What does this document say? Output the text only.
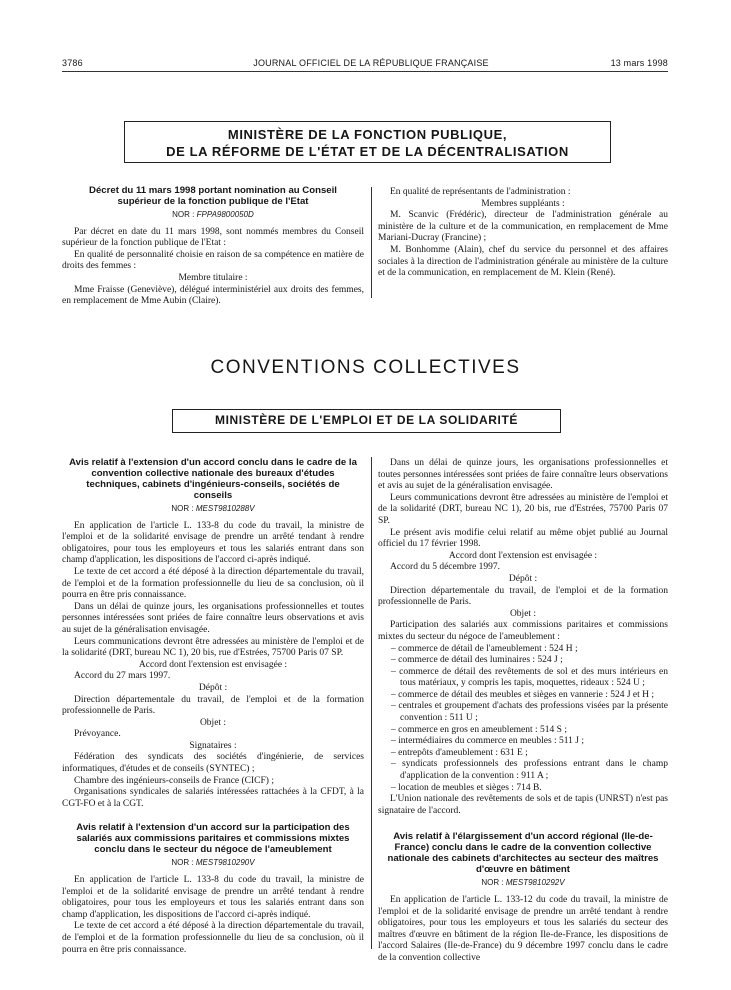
3786	JOURNAL OFFICIEL DE LA RÉPUBLIQUE FRANÇAISE	13 mars 1998
MINISTÈRE DE LA FONCTION PUBLIQUE,
DE LA RÉFORME DE L'ÉTAT ET DE LA DÉCENTRALISATION
Décret du 11 mars 1998 portant nomination au Conseil supérieur de la fonction publique de l'Etat
NOR : FPPA9800050D

Par décret en date du 11 mars 1998, sont nommés membres du Conseil supérieur de la fonction publique de l'Etat :

En qualité de personnalité choisie en raison de sa compétence en matière de droits des femmes :

Membre titulaire :

Mme Fraisse (Geneviève), délégué interministériel aux droits des femmes, en remplacement de Mme Aubin (Claire).

En qualité de représentants de l'administration :

Membres suppléants :

M. Scanvic (Frédéric), directeur de l'administration générale au ministère de la culture et de la communication, en remplacement de Mme Mariani-Ducray (Francine) ;

M. Bonhomme (Alain), chef du service du personnel et des affaires sociales à la direction de l'administration générale au ministère de la culture et de la communication, en remplacement de M. Klein (René).

CONVENTIONS COLLECTIVES
MINISTÈRE DE L'EMPLOI ET DE LA SOLIDARITÉ
Avis relatif à l'extension d'un accord conclu dans le cadre de la convention collective nationale des bureaux d'études techniques, cabinets d'ingénieurs-conseils, sociétés de conseils
NOR : MEST9810288V

En application de l'article L. 133-8 du code du travail, la ministre de l'emploi et de la solidarité envisage de prendre un arrêté tendant à rendre obligatoires, pour tous les employeurs et tous les salariés entrant dans son champ d'application, les dispositions de l'accord ci-après indiqué.

Le texte de cet accord a été déposé à la direction départementale du travail, de l'emploi et de la formation professionnelle du lieu de sa conclusion, où il pourra en être pris connaissance.

Dans un délai de quinze jours, les organisations professionnelles et toutes personnes intéressées sont priées de faire connaître leurs observations et avis au sujet de la généralisation envisagée.

Leurs communications devront être adressées au ministère de l'emploi et de la solidarité (DRT, bureau NC 1), 20 bis, rue d'Estrées, 75700 Paris 07 SP.

Accord dont l'extension est envisagée :

Accord du 27 mars 1997.

Dépôt :

Direction départementale du travail, de l'emploi et de la formation professionnelle de Paris.

Objet :

Prévoyance.

Signataires :

Fédération des syndicats des sociétés d'ingénierie, de services informatiques, d'études et de conseils (SYNTEC) ;

Chambre des ingénieurs-conseils de France (CICF) ;

Organisations syndicales de salariés intéressées rattachées à la CFDT, à la CGT-FO et à la CGT.

Avis relatif à l'extension d'un accord sur la participation des salariés aux commissions paritaires et commissions mixtes conclu dans le secteur du négoce de l'ameublement
NOR : MEST9810290V

En application de l'article L. 133-8 du code du travail, la ministre de l'emploi et de la solidarité envisage de prendre un arrêté tendant à rendre obligatoires, pour tous les employeurs et tous les salariés entrant dans son champ d'application, les dispositions de l'accord ci-après indiqué.

Le texte de cet accord a été déposé à la direction départementale du travail, de l'emploi et de la formation professionnelle du lieu de sa conclusion, où il pourra en être pris connaissance.

Dans un délai de quinze jours, les organisations professionnelles et toutes personnes intéressées sont priées de faire connaître leurs observations et avis au sujet de la généralisation envisagée.

Leurs communications devront être adressées au ministère de l'emploi et de la solidarité (DRT, bureau NC 1), 20 bis, rue d'Estrées, 75700 Paris 07 SP.

Le présent avis modifie celui relatif au même objet publié au Journal officiel du 17 février 1998.

Accord dont l'extension est envisagée :

Accord du 5 décembre 1997.

Dépôt :

Direction départementale du travail, de l'emploi et de la formation professionnelle de Paris.

Objet :

Participation des salariés aux commissions paritaires et commissions mixtes du secteur du négoce de l'ameublement :

– commerce de détail de l'ameublement : 524 H ;

– commerce de détail des luminaires : 524 J ;

– commerce de détail des revêtements de sol et des murs intérieurs en tous matériaux, y compris les tapis, moquettes, rideaux : 524 U ;

– commerce de détail des meubles et sièges en vannerie : 524 J et H ;

– centrales et groupement d'achats des professions visées par la présente convention : 511 U ;

– commerce en gros en ameublement : 514 S ;

– intermédiaires du commerce en meubles : 511 J ;

– entrepôts d'ameublement : 631 E ;

– syndicats professionnels des professions entrant dans le champ d'application de la convention : 911 A ;

– location de meubles et sièges : 714 B.

L'Union nationale des revêtements de sols et de tapis (UNRST) n'est pas signataire de l'accord.

Avis relatif à l'élargissement d'un accord régional (Ile-de-France) conclu dans le cadre de la convention collective nationale des cabinets d'architectes au secteur des maîtres d'œuvre en bâtiment
NOR : MEST9810292V

En application de l'article L. 133-12 du code du travail, la ministre de l'emploi et de la solidarité envisage de prendre un arrêté tendant à rendre obligatoires, pour tous les employeurs et tous les salariés du secteur des maîtres d'œuvre en bâtiment de la région Ile-de-France, les dispositions de l'accord Salaires (Ile-de-France) du 9 décembre 1997 conclu dans le cadre de la convention collective
